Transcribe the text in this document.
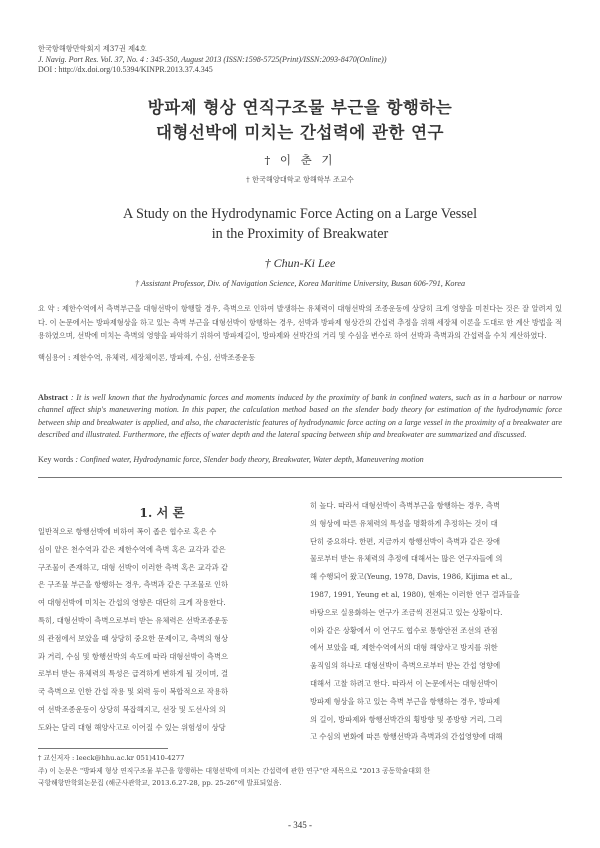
한국항해항만학회지 제37권 제4호
J. Navig. Port Res. Vol. 37, No. 4 : 345-350, August 2013 (ISSN:1598-5725(Print)/ISSN:2093-8470(Online))
DOI : http://dx.doi.org/10.5394/KINPR.2013.37.4.345
방파제 형상 연직구조물 부근을 항행하는
대형선박에 미치는 간섭력에 관한 연구
† 이 춘 기
† 한국해양대학교 항해학부 조교수
A Study on the Hydrodynamic Force Acting on a Large Vessel
in the Proximity of Breakwater
† Chun-Ki Lee
† Assistant Professor, Div. of Navigation Science, Korea Maritime University, Busan 606-791, Korea
요 약 : 제한수역에서 측벽부근을 대형선박이 항행할 경우, 측벽으로 인하여 발생하는 유체력이 대형선박의 조종운동에 상당히 크게 영향을 미친다는 것은 잘 알려져 있다. 이 논문에서는 방파제형상을 하고 있는 측벽 부근을 대형선박이 항행하는 경우, 선박과 방파제 형상간의 간섭력 추정을 위해 세장체 이론을 도대로 한 계산 방법을 적용하였으며, 선박에 미치는 측벽의 영향을 파악하기 위하여 방파제길이, 방파제와 선박간의 거리 및 수심을 변수로 하여 선박과 측벽과의 간섭력을 수치 계산하였다.
핵심용어 : 제한수역, 유체력, 세장체이론, 방파제, 수심, 선박조종운동
Abstract : It is well known that the hydrodynamic forces and moments induced by the proximity of bank in confined waters, such as in a harbour or narrow channel affect ship's maneuvering motion. In this paper, the calculation method based on the slender body theory for estimation of the hydrodynamic force between ship and breakwater is applied, and also, the characteristic features of hydrodynamic force acting on a large vessel in the proximity of a breakwater are described and illustrated. Furthermore, the effects of water depth and the lateral spacing between ship and breakwater are summarized and discussed.
Key words : Confined water, Hydrodynamic force, Slender body theory, Breakwater, Water depth, Maneuvering motion
1. 서 론

일반적으로 항행선박에 비하여 폭이 좁은 협수로 혹은 수

심이 얕은 천수역과 같은 제한수역에 측벽 혹은 교각과 같은

구조물이 존재하고, 대형 선박이 이러한 측벽 혹은 교각과 같

은 구조물 부근을 항행하는 경우, 측벽과 같은 구조물로 인하

여 대형선박에 미치는 간섭의 영향은 대단히 크게 작용한다.

특히, 대형선박이 측벽으로부터 받는 유체력은 선박조종운동

의 관점에서 보았을 때 상당히 중요한 문제이고, 측벽의 형상

과 거리, 수심 및 항행선박의 속도에 따라 대형선박이 측벽으

로부터 받는 유체력의 특성은 급격하게 변하게 될 것이며, 결

국 측벽으로 인한 간섭 작용 및 외력 등이 복합적으로 작용하

여 선박조종운동이 상당히 복잡해지고, 선장 및 도선사의 의

도와는 달리 대형 해양사고로 이어질 수 있는 위험성이 상당

히 높다. 따라서 대형선박이 측벽부근을 항행하는 경우, 측벽

의 형상에 따른 유체력의 특성을 명확하게 추정하는 것이 대

단히 중요하다. 한편, 지금까지 항행선박이 측벽과 같은 장애

물로부터 받는 유체력의 추정에 대해서는 많은 연구자들에 의

해 수행되어 왔고(Yeung, 1978, Davis, 1986, Kijima et al.,

1987, 1991, Yeung et al, 1980), 현재는 이러한 연구 결과들을

바탕으로 실용화하는 연구가 조금씩 진전되고 있는 상황이다.

이와 같은 상황에서 이 연구도 협수로 통항안전 조선의 관점

에서 보았을 때, 제한수역에서의 대형 해양사고 방지를 위한

움직임의 하나로 대형선박이 측벽으로부터 받는 간섭 영향에

대해서 고찰 하려고 한다. 따라서 이 논문에서는 대형선박이

방파제 형상을 하고 있는 측벽 부근을 항행하는 경우, 방파제

의 길이, 방파제와 항행선박간의 횡방향 및 종방향 거리, 그리

고 수심의 변화에 따른 항행선박과 측벽과의 간섭영향에 대해

† 교신저자 : leeck@hhu.ac.kr 051)410-4277
주) 이 논문은 "방파제 형상 연직구조물 부근을 항행하는 대형선박에 미치는 간섭력에 관한 연구"란 제목으로 "2013 공동학술대회 한
국항해항만학회논문집 (해군사관학교, 2013.6.27-28, pp. 25-26"에 발표되었음.
- 345 -
